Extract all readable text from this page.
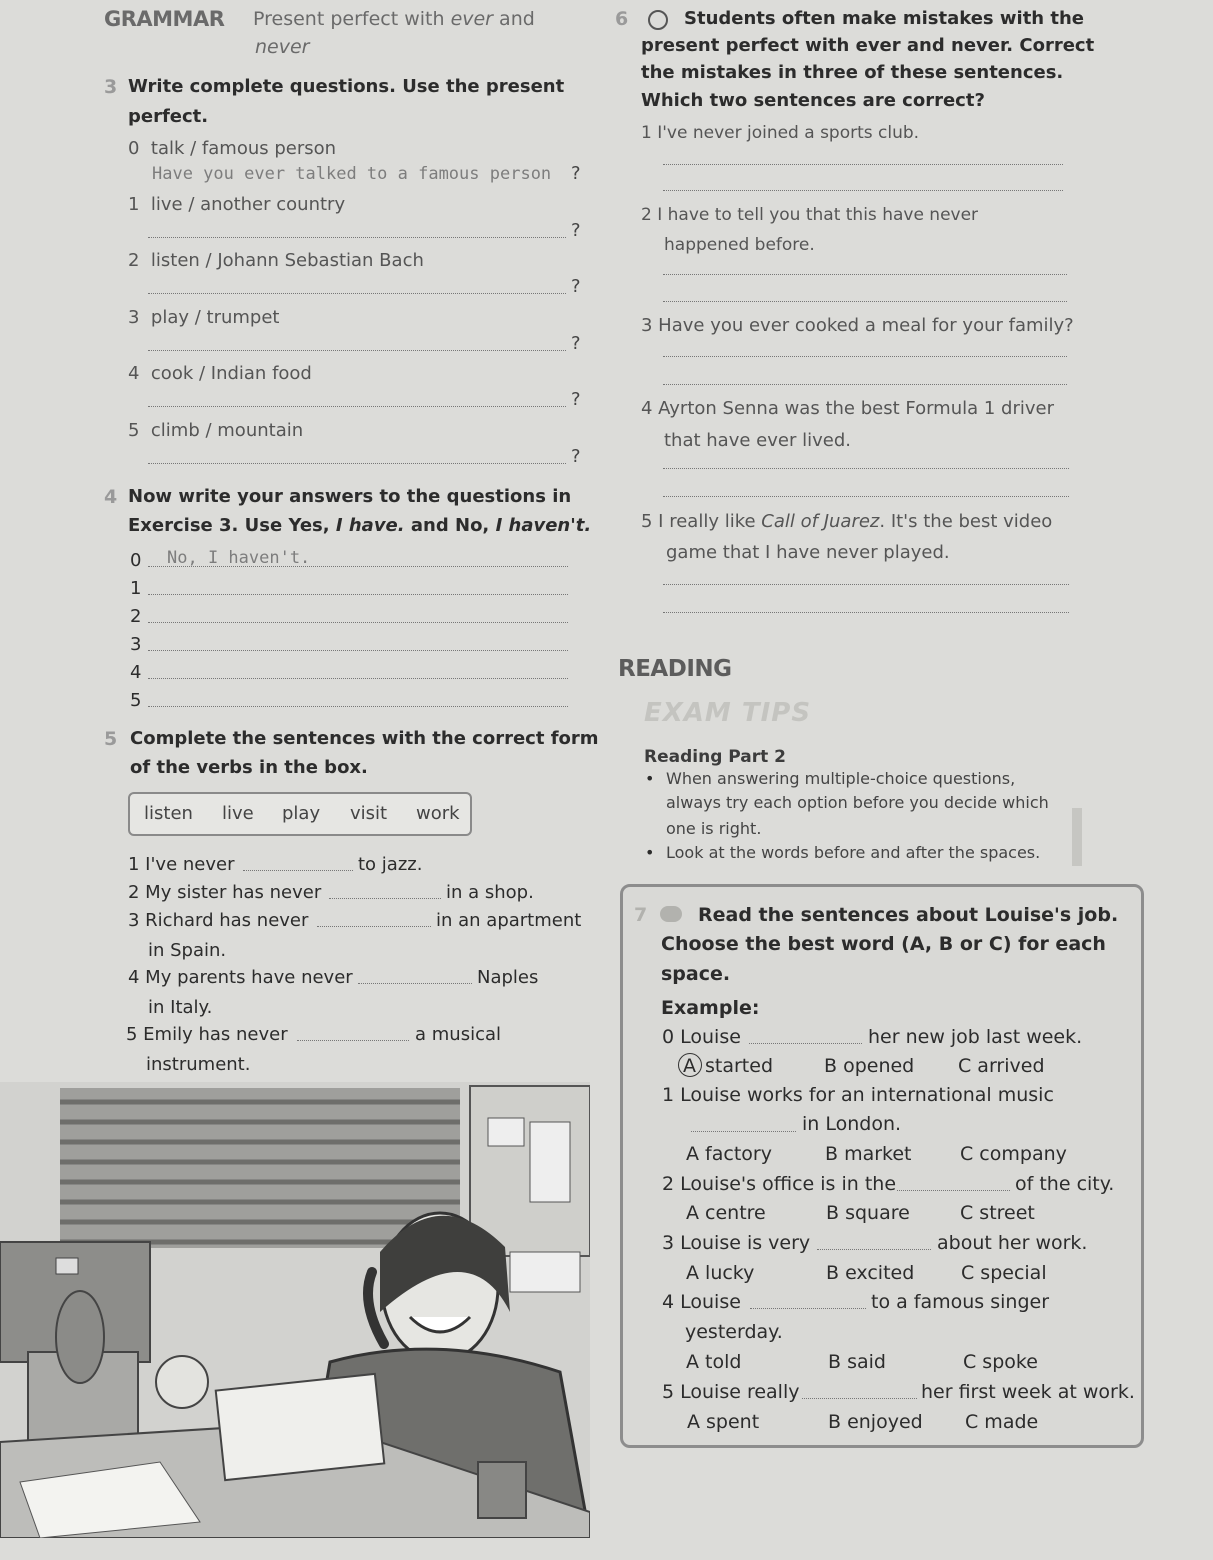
GRAMMAR Present perfect with ever and
never
3 Write complete questions. Use the present
perfect.
0 talk / famous person
Have you ever talked to a famous person ?
1 live / another country
?
2 listen / Johann Sebastian Bach
?
3 play / trumpet
?
4 cook / Indian food
?
5 climb / mountain
?
4 Now write your answers to the questions in
Exercise 3. Use Yes, I have. and No, I haven't.
0 No, I haven't.
1
2
3
4
5
5 Complete the sentences with the correct form
of the verbs in the box.
listen live play visit work
1 I've never	to jazz.
2 My sister has never	in a shop.
3 Richard has never	in an apartment
in Spain.
4 My parents have never	Naples
in Italy.
5 Emily has never	a musical
instrument.
6	Students often make mistakes with the
present perfect with ever and never. Correct
the mistakes in three of these sentences.
Which two sentences are correct?
1 I've never joined a sports club.
2 I have to tell you that this have never
happened before.
3 Have you ever cooked a meal for your family?
4 Ayrton Senna was the best Formula 1 driver
that have ever lived.
5 I really like Call of Juarez. It's the best video
game that I have never played.
READING
EXAM TIPS
Reading Part 2
• When answering multiple-choice questions,
always try each option before you decide which
one is right.
• Look at the words before and after the spaces.
7	Read the sentences about Louise's job.
Choose the best word (A, B or C) for each
space.
Example:
0 Louise	her new job last week.
A started	B opened C arrived
1 Louise works for an international music
in London.
A factory	B market	C company
2 Louise's office is in the	of the city.
A centre	B square	C street
3 Louise is very	about her work.
A lucky	B excited C special
4 Louise	to a famous singer
yesterday.
A told	B said	C spoke
5 Louise really	her first week at work.
A spent	B enjoyed C made
